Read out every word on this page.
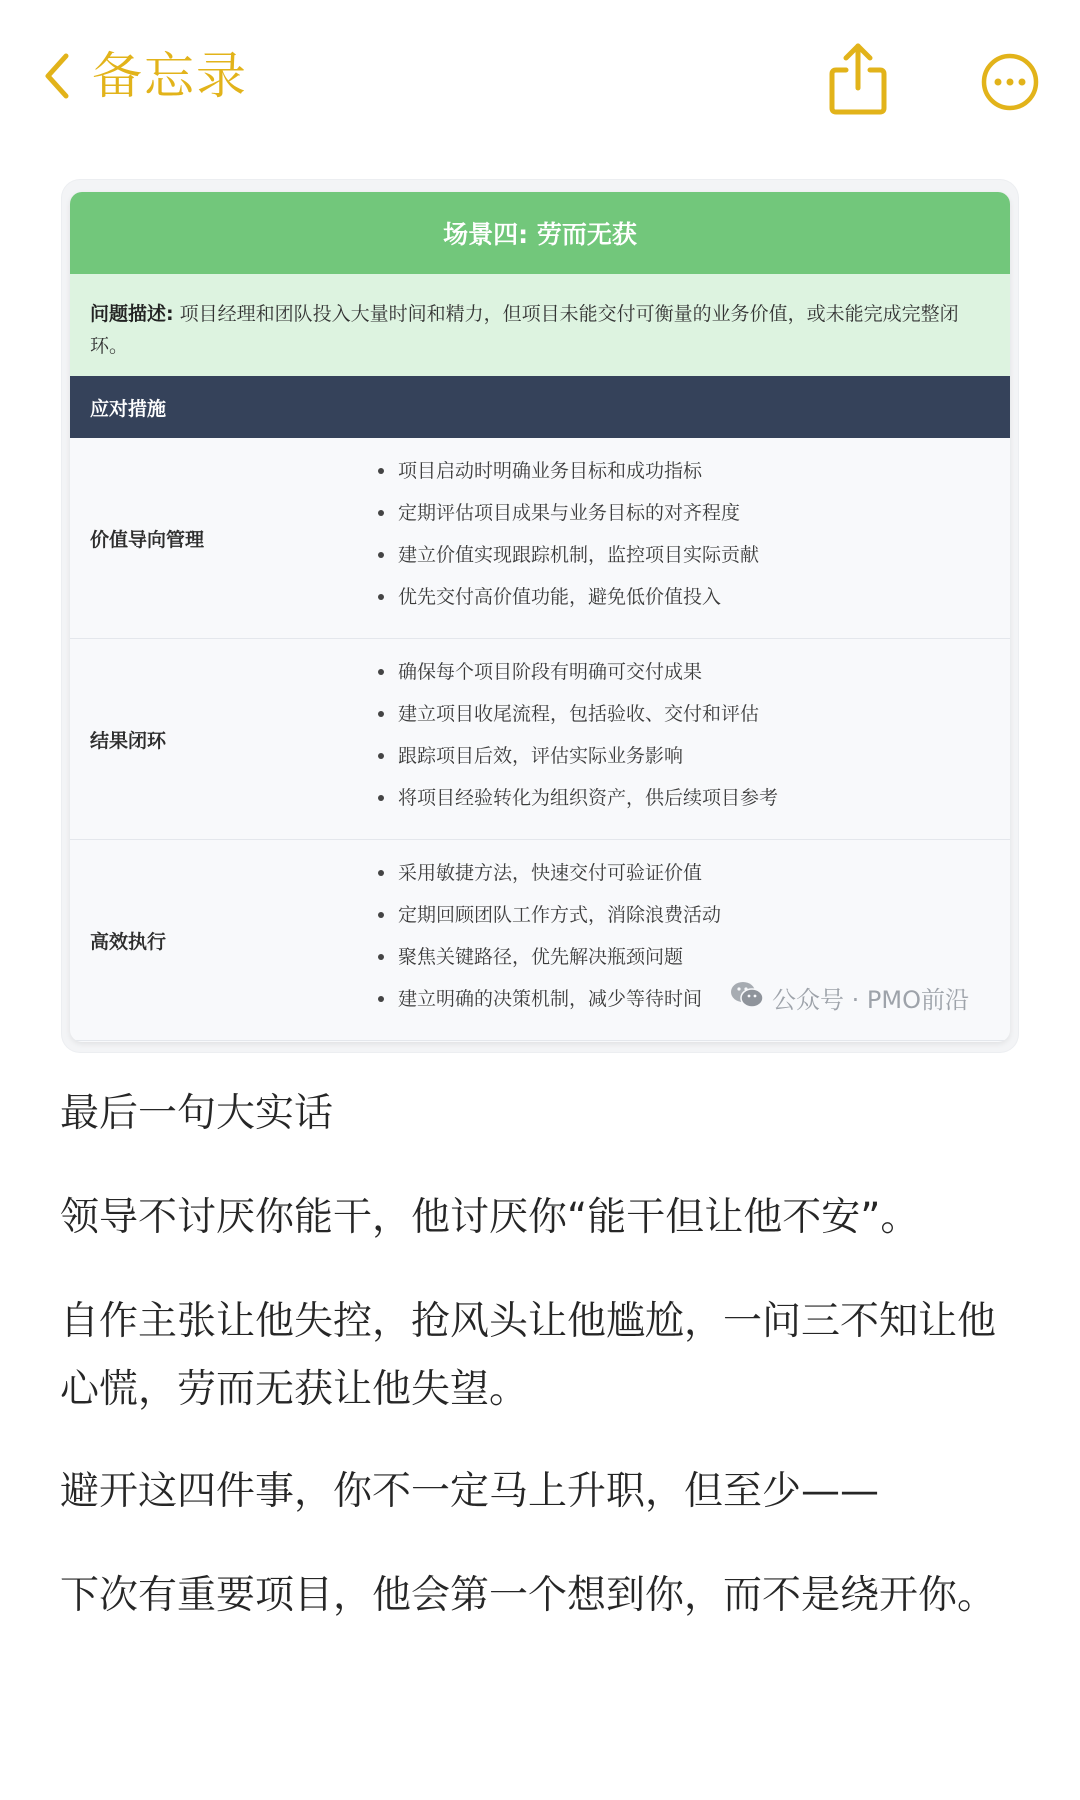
备忘录
场景四: 劳而无获
问题描述: 项目经理和团队投入大量时间和精力，但项目未能交付可衡量的业务价值，或未能完成完整闭环。
应对措施
价值导向管理
项目启动时明确业务目标和成功指标
定期评估项目成果与业务目标的对齐程度
建立价值实现跟踪机制，监控项目实际贡献
优先交付高价值功能，避免低价值投入
结果闭环
确保每个项目阶段有明确可交付成果
建立项目收尾流程，包括验收、交付和评估
跟踪项目后效，评估实际业务影响
将项目经验转化为组织资产，供后续项目参考
高效执行
采用敏捷方法，快速交付可验证价值
定期回顾团队工作方式，消除浪费活动
聚焦关键路径，优先解决瓶颈问题
建立明确的决策机制，减少等待时间	公众号 · PMO前沿

最后一句大实话

领导不讨厌你能干，他讨厌你“能干但让他不安”。

自作主张让他失控，抢风头让他尴尬，一问三不知让他心慌，劳而无获让他失望。

避开这四件事，你不一定马上升职，但至少——

下次有重要项目，他会第一个想到你，而不是绕开你。
